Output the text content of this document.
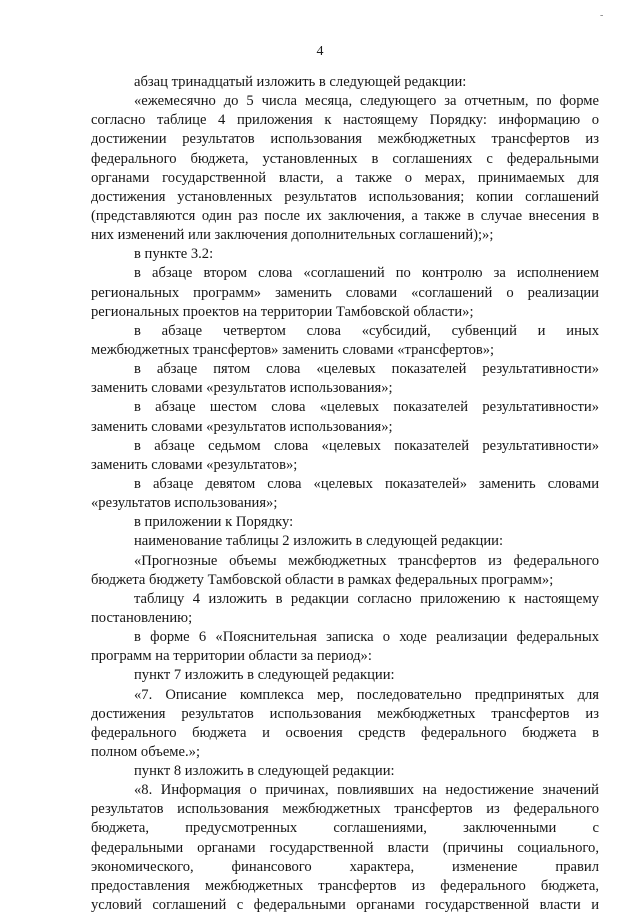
-
4
абзац тринадцатый изложить в следующей редакции:
«ежемесячно до 5 числа месяца, следующего за отчетным, по форме
согласно таблице 4 приложения к настоящему Порядку: информацию о
достижении результатов использования межбюджетных трансфертов из
федерального бюджета, установленных в соглашениях с федеральными
органами государственной власти, а также о мерах, принимаемых для
достижения установленных результатов использования; копии соглашений
(представляются один раз после их заключения, а также в случае внесения в
них изменений или заключения дополнительных соглашений);»;
в пункте 3.2:
в абзаце втором слова «соглашений по контролю за исполнением
региональных программ» заменить словами «соглашений о реализации
региональных проектов на территории Тамбовской области»;
в абзаце четвертом слова «субсидий, субвенций и иных
межбюджетных трансфертов» заменить словами «трансфертов»;
в абзаце пятом слова «целевых показателей результативности»
заменить словами «результатов использования»;
в абзаце шестом слова «целевых показателей результативности»
заменить словами «результатов использования»;
в абзаце седьмом слова «целевых показателей результативности»
заменить словами «результатов»;
в абзаце девятом слова «целевых показателей» заменить словами
«результатов использования»;
в приложении к Порядку:
наименование таблицы 2 изложить в следующей редакции:
«Прогнозные объемы межбюджетных трансфертов из федерального
бюджета бюджету Тамбовской области в рамках федеральных программ»;
таблицу 4 изложить в редакции согласно приложению к настоящему
постановлению;
в форме 6 «Пояснительная записка о ходе реализации федеральных
программ на территории области за период»:
пункт 7 изложить в следующей редакции:
«7. Описание комплекса мер, последовательно предпринятых для
достижения результатов использования межбюджетных трансфертов из
федерального бюджета и освоения средств федерального бюджета в
полном объеме.»;
пункт 8 изложить в следующей редакции:
«8. Информация о причинах, повлиявших на недостижение значений
результатов использования межбюджетных трансфертов из федерального
бюджета, предусмотренных соглашениями, заключенными с
федеральными органами государственной власти (причины социального,
экономического, финансового характера, изменение правил
предоставления межбюджетных трансфертов из федерального бюджета,
условий соглашений с федеральными органами государственной власти и
